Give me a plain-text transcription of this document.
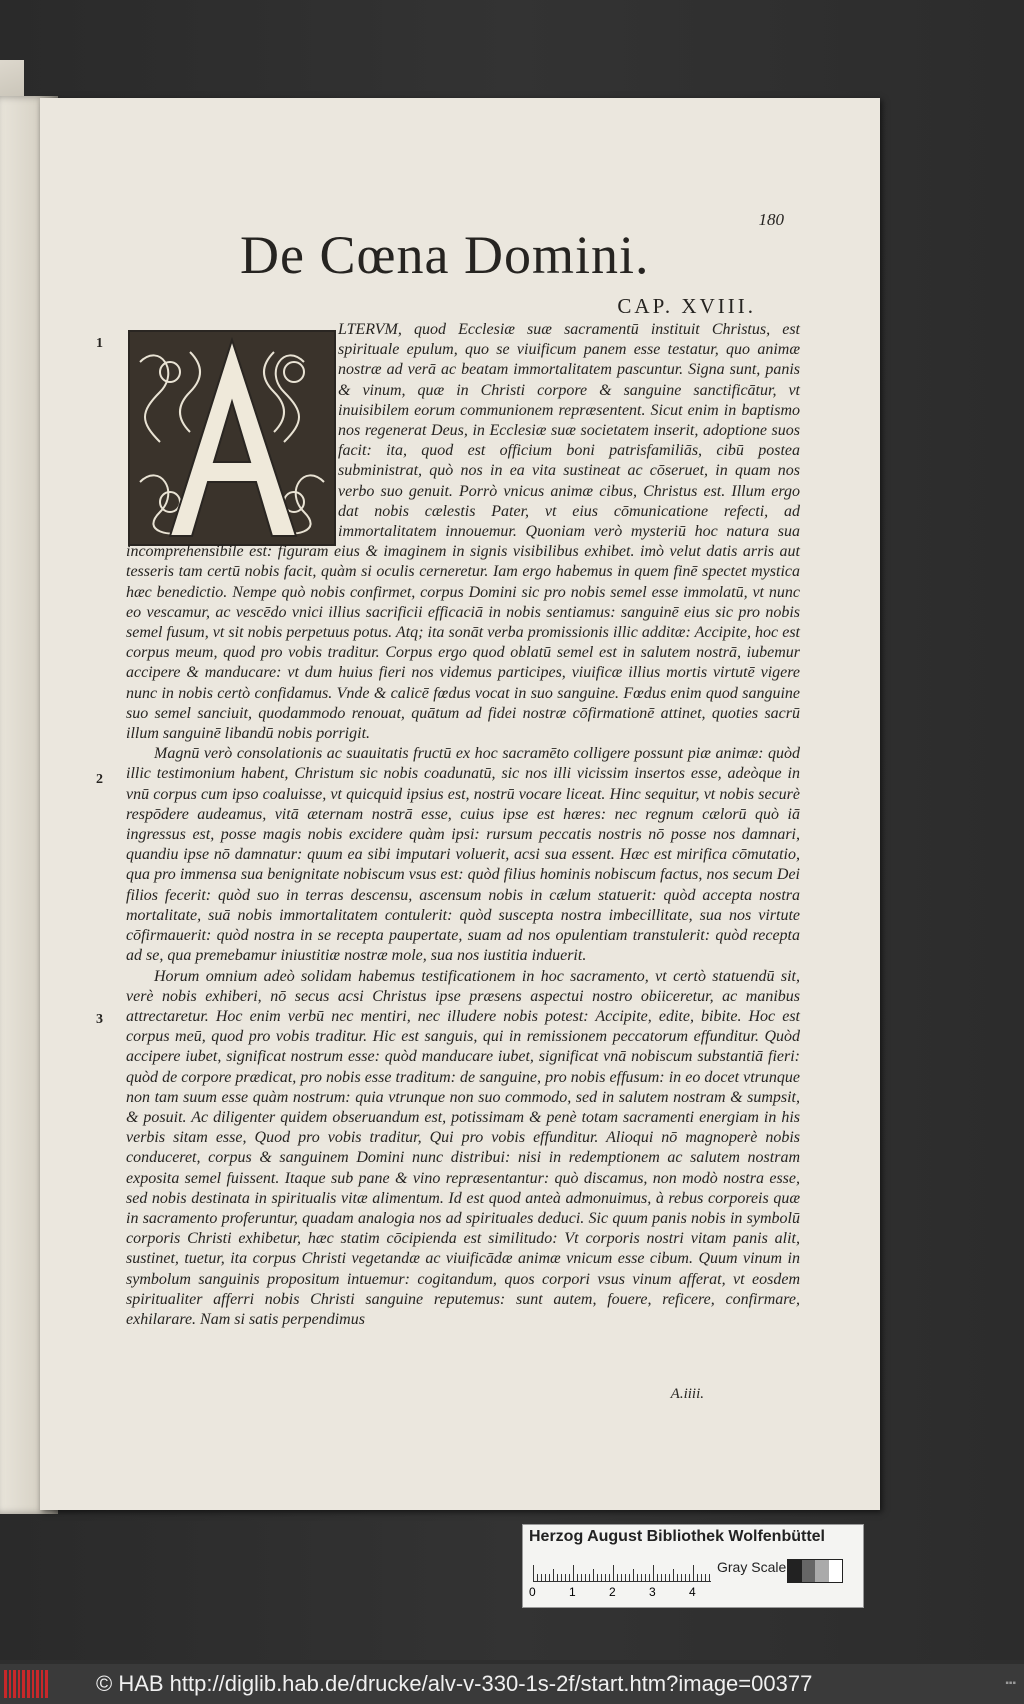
180
De Cœna Domini.
CAP. XVIII.
1
2
3

LTERVM, quod Ecclesiæ suæ sacramentū instituit Christus, est spirituale epulum, quo se viuificum panem esse testatur, quo animæ nostræ ad verā ac beatam immortalitatem pascuntur. Signa sunt, panis & vinum, quæ in Christi corpore & sanguine sanctificātur, vt inuisibilem eorum communionem repræsentent. Sicut enim in baptismo nos regenerat Deus, in Ecclesiæ suæ societatem inserit, adoptione suos facit: ita, quod est officium boni patrisfamiliās, cibū postea subministrat, quò nos in ea vita sustineat ac cōseruet, in quam nos verbo suo genuit. Porrò vnicus animæ cibus, Christus est. Illum ergo dat nobis cælestis Pater, vt eius cōmunicatione refecti, ad immortalitatem innouemur. Quoniam verò mysteriū hoc natura sua incomprehensibile est: figuram eius & imaginem in signis visibilibus exhibet. imò velut datis arris aut tesseris tam certū nobis facit, quàm si oculis cerneretur. Iam ergo habemus in quem finē spectet mystica hæc benedictio. Nempe quò nobis confirmet, corpus Domini sic pro nobis semel esse immolatū, vt nunc eo vescamur, ac vescēdo vnici illius sacrificii efficaciā in nobis sentiamus: sanguinē eius sic pro nobis semel fusum, vt sit nobis perpetuus potus. Atq; ita sonāt verba promissionis illic additæ: Accipite, hoc est corpus meum, quod pro vobis traditur. Corpus ergo quod oblatū semel est in salutem nostrā, iubemur accipere & manducare: vt dum huius fieri nos videmus participes, viuificæ illius mortis virtutē vigere nunc in nobis certò confidamus. Vnde & calicē fœdus vocat in suo sanguine. Fœdus enim quod sanguine suo semel sanciuit, quodammodo renouat, quātum ad fidei nostræ cōfirmationē attinet, quoties sacrū illum sanguinē libandū nobis porrigit.

Magnū verò consolationis ac suauitatis fructū ex hoc sacramēto colligere possunt piæ animæ: quòd illic testimonium habent, Christum sic nobis coadunatū, sic nos illi vicissim insertos esse, adeòque in vnū corpus cum ipso coaluisse, vt quicquid ipsius est, nostrū vocare liceat. Hinc sequitur, vt nobis securè respōdere audeamus, vitā æternam nostrā esse, cuius ipse est hæres: nec regnum cælorū quò iā ingressus est, posse magis nobis excidere quàm ipsi: rursum peccatis nostris nō posse nos damnari, quandiu ipse nō damnatur: quum ea sibi imputari voluerit, acsi sua essent. Hæc est mirifica cōmutatio, qua pro immensa sua benignitate nobiscum vsus est: quòd filius hominis nobiscum factus, nos secum Dei filios fecerit: quòd suo in terras descensu, ascensum nobis in cælum statuerit: quòd accepta nostra mortalitate, suā nobis immortalitatem contulerit: quòd suscepta nostra imbecillitate, sua nos virtute cōfirmauerit: quòd nostra in se recepta paupertate, suam ad nos opulentiam transtulerit: quòd recepta ad se, qua premebamur iniustitiæ nostræ mole, sua nos iustitia induerit.

Horum omnium adeò solidam habemus testificationem in hoc sacramento, vt certò statuendū sit, verè nobis exhiberi, nō secus acsi Christus ipse præsens aspectui nostro obiiceretur, ac manibus attrectaretur. Hoc enim verbū nec mentiri, nec illudere nobis potest: Accipite, edite, bibite. Hoc est corpus meū, quod pro vobis traditur. Hic est sanguis, qui in remissionem peccatorum effunditur. Quòd accipere iubet, significat nostrum esse: quòd manducare iubet, significat vnā nobiscum substantiā fieri: quòd de corpore prædicat, pro nobis esse traditum: de sanguine, pro nobis effusum: in eo docet vtrunque non tam suum esse quàm nostrum: quia vtrunque non suo commodo, sed in salutem nostram & sumpsit, & posuit. Ac diligenter quidem obseruandum est, potissimam & penè totam sacramenti energiam in his verbis sitam esse, Quod pro vobis traditur, Qui pro vobis effunditur. Alioqui nō magnoperè nobis conduceret, corpus & sanguinem Domini nunc distribui: nisi in redemptionem ac salutem nostram exposita semel fuissent. Itaque sub pane & vino repræsentantur: quò discamus, non modò nostra esse, sed nobis destinata in spiritualis vitæ alimentum. Id est quod anteà admonuimus, à rebus corporeis quæ in sacramento proferuntur, quadam analogia nos ad spirituales deduci. Sic quum panis nobis in symbolū corporis Christi exhibetur, hæc statim cōcipienda est similitudo: Vt corporis nostri vitam panis alit, sustinet, tuetur, ita corpus Christi vegetandæ ac viuificādæ animæ vnicum esse cibum. Quum vinum in symbolum sanguinis propositum intuemur: cogitandum, quos corpori vsus vinum afferat, vt eosdem spiritualiter afferri nobis Christi sanguine reputemus: sunt autem, fouere, reficere, confirmare, exhilarare. Nam si satis perpendimus

A.iiii.
Herzog August Bibliothek Wolfenbüttel
0	1	2	3	4
Gray Scale
© HAB http://diglib.hab.de/drucke/alv-v-330-1s-2f/start.htm?image=00377	▪▪▪
